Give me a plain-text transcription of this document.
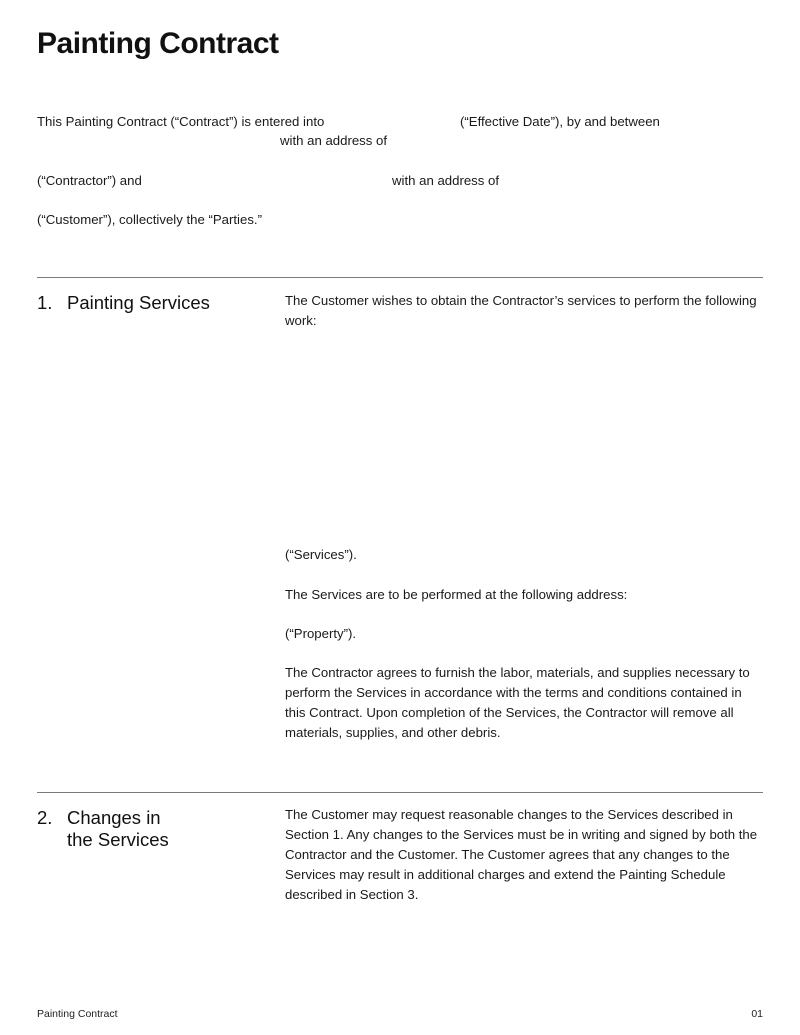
Painting Contract
This Painting Contract (“Contract”) is entered into	(“Effective Date”), by and between
with an address of
(“Contractor”) and	with an address of
(“Customer”), collectively the “Parties.”
1. Painting Services	The Customer wishes to obtain the Contractor’s services to perform the following work:
(“Services”).
The Services are to be performed at the following address:
(“Property”).
The Contractor agrees to furnish the labor, materials, and supplies necessary to perform the Services in accordance with the terms and conditions contained in this Contract. Upon completion of the Services, the Contractor will remove all materials, supplies, and other debris.
2. Changes in
the Services
The Customer may request reasonable changes to the Services described in Section 1. Any changes to the Services must be in writing and signed by both the Contractor and the Customer. The Customer agrees that any changes to the Services may result in additional charges and extend the Painting Schedule described in Section 3.
Painting Contract	01
